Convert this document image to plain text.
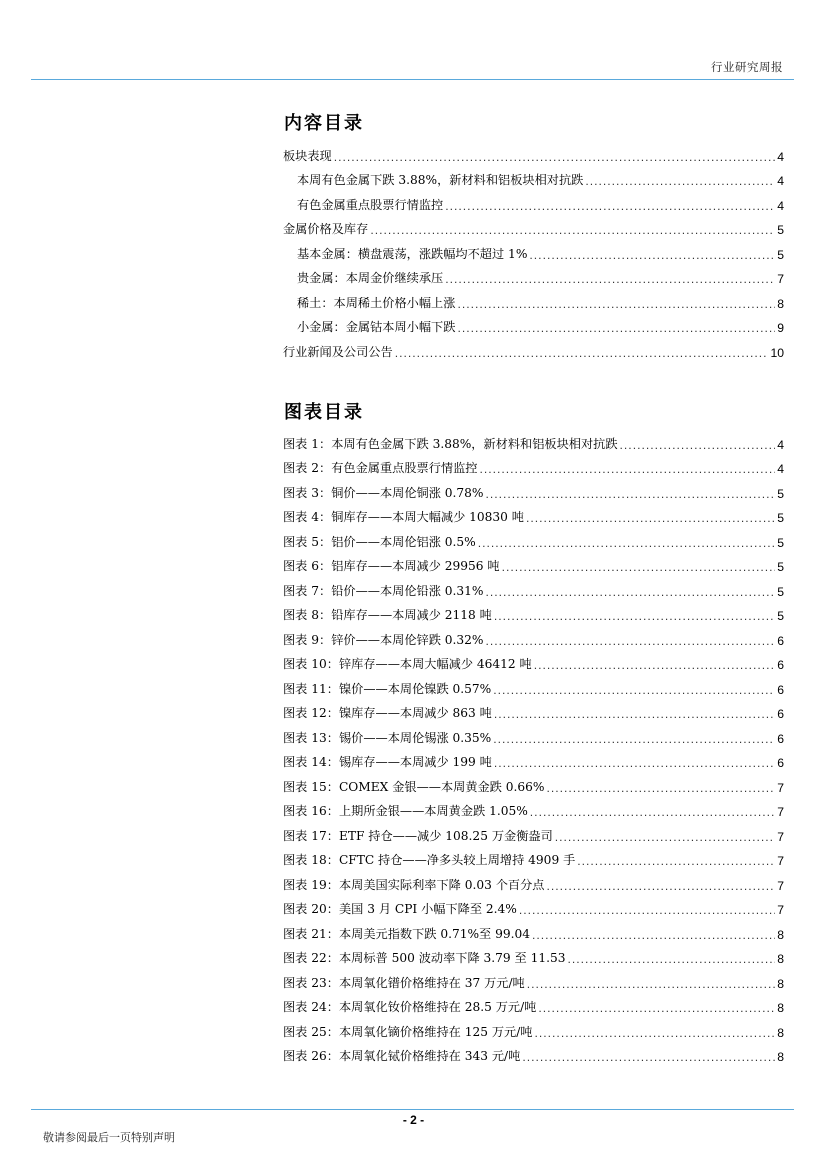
行业研究周报
内容目录
板块表现 .....	4
本周有色金属下跌 3.88%，新材料和铝板块相对抗跌 .....	4
有色金属重点股票行情监控 .....	4
金属价格及库存 .....	5
基本金属：横盘震荡，涨跌幅均不超过 1% .....	5
贵金属：本周金价继续承压 .....	7
稀土：本周稀土价格小幅上涨 .....	8
小金属：金属钴本周小幅下跌 .....	9
行业新闻及公司公告 .....	10
图表目录
图表 1：本周有色金属下跌 3.88%，新材料和铝板块相对抗跌 .....	4
图表 2：有色金属重点股票行情监控 .....	4
图表 3：铜价——本周伦铜涨 0.78% .....	5
图表 4：铜库存——本周大幅减少 10830 吨 .....	5
图表 5：铝价——本周伦铝涨 0.5% .....	5
图表 6：铝库存——本周减少 29956 吨 .....	5
图表 7：铅价——本周伦铅涨 0.31% .....	5
图表 8：铅库存——本周减少 2118 吨 .....	5
图表 9：锌价——本周伦锌跌 0.32% .....	6
图表 10：锌库存——本周大幅减少 46412 吨 .....	6
图表 11：镍价——本周伦镍跌 0.57% .....	6
图表 12：镍库存——本周减少 863 吨 .....	6
图表 13：锡价——本周伦锡涨 0.35% .....	6
图表 14：锡库存——本周减少 199 吨 .....	6
图表 15：COMEX 金银——本周黄金跌 0.66% .....	7
图表 16：上期所金银——本周黄金跌 1.05% .....	7
图表 17：ETF 持仓——减少 108.25 万金衡盎司 .....	7
图表 18：CFTC 持仓——净多头较上周增持 4909 手 .....	7
图表 19：本周美国实际利率下降 0.03 个百分点 .....	7
图表 20：美国 3 月 CPI 小幅下降至 2.4% .....	7
图表 21：本周美元指数下跌 0.71%至 99.04 .....	8
图表 22：本周标普 500 波动率下降 3.79 至 11.53 .....	8
图表 23：本周氧化镨价格维持在 37 万元/吨 .....	8
图表 24：本周氧化钕价格维持在 28.5 万元/吨 .....	8
图表 25：本周氧化镝价格维持在 125 万元/吨 .....	8
图表 26：本周氧化铽价格维持在 343 元/吨 .....	8
- 2 -
敬请参阅最后一页特别声明
